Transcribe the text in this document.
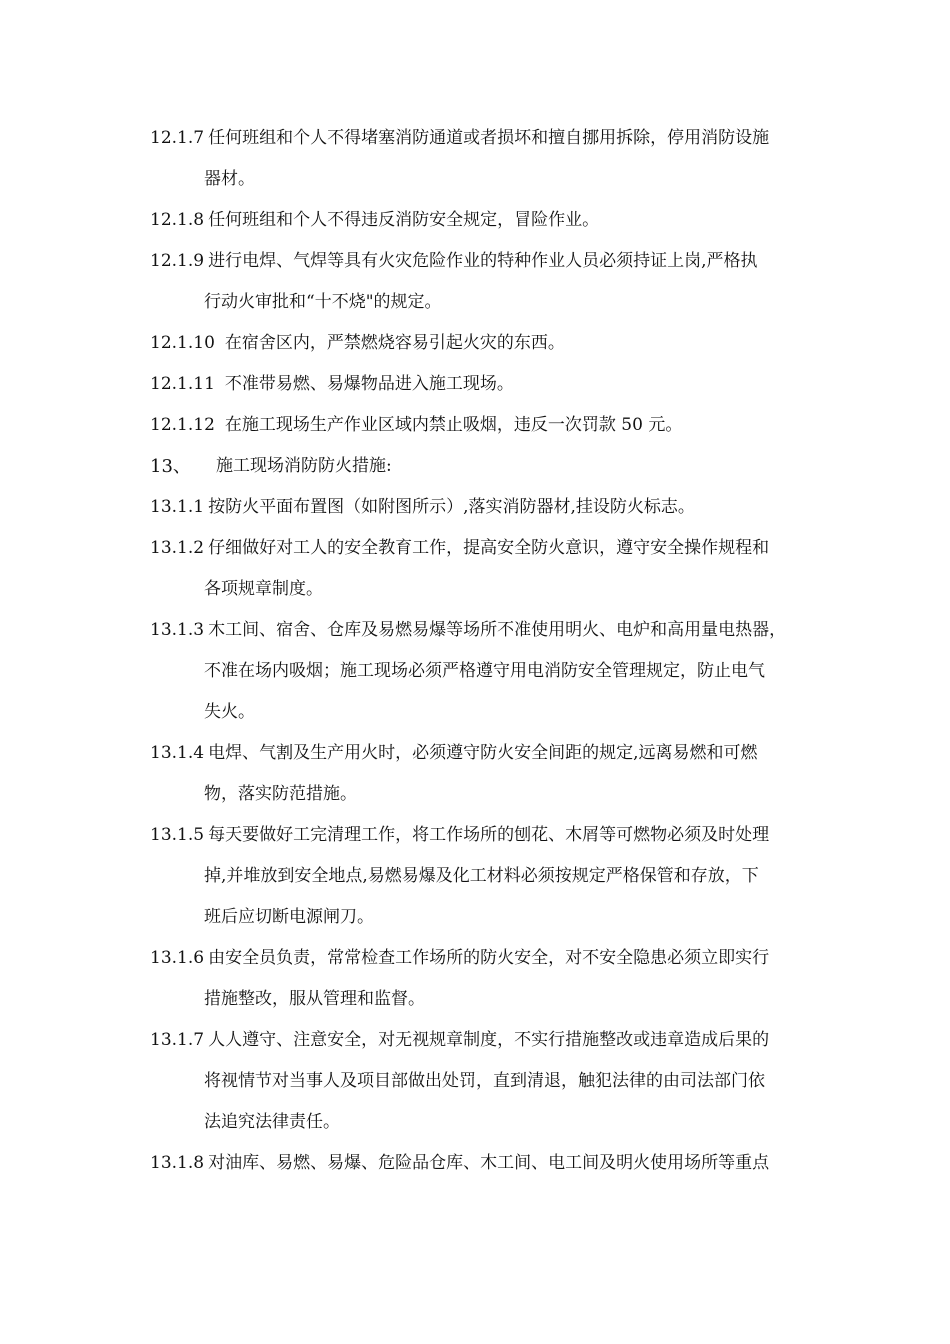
12.1.7 任何班组和个人不得堵塞消防通道或者损坏和擅自挪用拆除，停用消防设施
器材。
12.1.8 任何班组和个人不得违反消防安全规定，冒险作业。
12.1.9 进行电焊、气焊等具有火灾危险作业的特种作业人员必须持证上岗,严格执
行动火审批和“十不烧"的规定。
12.1.10 在宿舍区内，严禁燃烧容易引起火灾的东西。
12.1.11 不准带易燃、易爆物品进入施工现场。
12.1.12 在施工现场生产作业区域内禁止吸烟，违反一次罚款 50 元。
13、	施工现场消防防火措施:
13.1.1 按防火平面布置图（如附图所示）,落实消防器材,挂设防火标志。
13.1.2 仔细做好对工人的安全教育工作，提高安全防火意识，遵守安全操作规程和
各项规章制度。
13.1.3 木工间、宿舍、仓库及易燃易爆等场所不准使用明火、电炉和高用量电热器，
不准在场内吸烟；施工现场必须严格遵守用电消防安全管理规定，防止电气
失火。
13.1.4 电焊、气割及生产用火时，必须遵守防火安全间距的规定,远离易燃和可燃
物，落实防范措施。
13.1.5 每天要做好工完清理工作，将工作场所的刨花、木屑等可燃物必须及时处理
掉,并堆放到安全地点,易燃易爆及化工材料必须按规定严格保管和存放，下
班后应切断电源闸刀。
13.1.6 由安全员负责，常常检查工作场所的防火安全，对不安全隐患必须立即实行
措施整改，服从管理和监督。
13.1.7 人人遵守、注意安全，对无视规章制度，不实行措施整改或违章造成后果的
将视情节对当事人及项目部做出处罚，直到清退，触犯法律的由司法部门依
法追究法律责任。
13.1.8 对油库、易燃、易爆、危险品仓库、木工间、电工间及明火使用场所等重点
